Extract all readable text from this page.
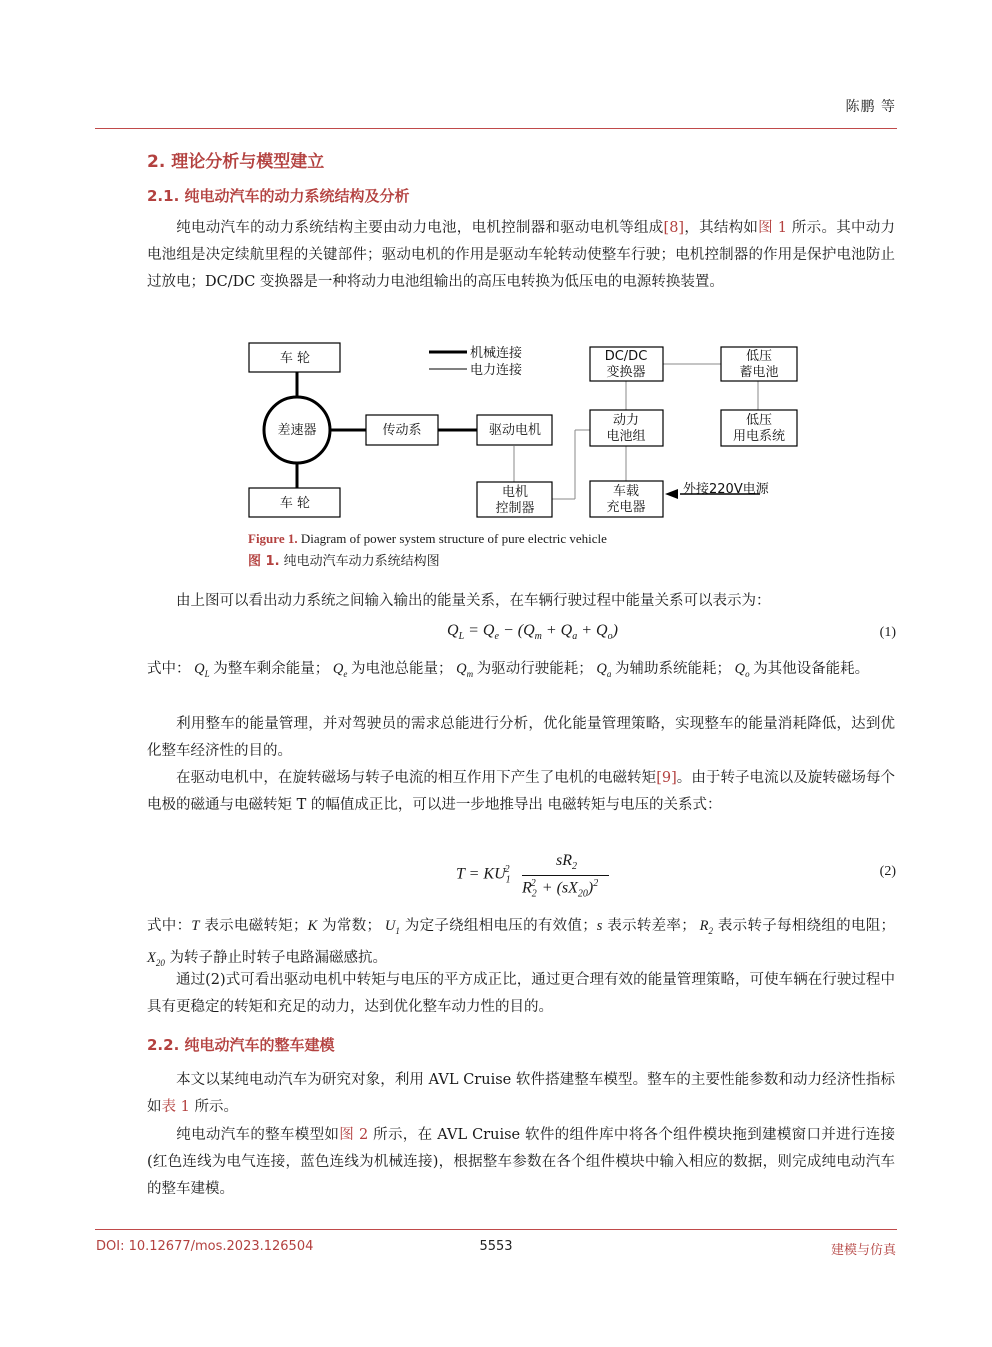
陈鹏 等
2. 理论分析与模型建立
2.1. 纯电动汽车的动力系统结构及分析
纯电动汽车的动力系统结构主要由动力电池，电机控制器和驱动电机等组成[8]，其结构如图 1 所示。其中动力电池组是决定续航里程的关键部件；驱动电机的作用是驱动车轮转动使整车行驶；电机控制器的作用是保护电池防止过放电；DC/DC 变换器是一种将动力电池组输出的高压电转换为低压电的电源转换装置。
车 轮
差速器	传动系	驱动电机
车 轮
电机
控制器
DC/DC
变换器
低压
蓄电池
动力
电池组
低压
用电系统
车载
充电器
机械连接
电力连接
外接220V电源
Figure 1. Diagram of power system structure of pure electric vehicle
图 1. 纯电动汽车动力系统结构图
由上图可以看出动力系统之间输入输出的能量关系，在车辆行驶过程中能量关系可以表示为：
$Q_L = Q_e - (Q_m + Q_a + Q_o)$	(1)
式中： $Q_L$ 为整车剩余能量； $Q_e$ 为电池总能量； $Q_m$ 为驱动行驶能耗； $Q_a$ 为辅助系统能耗； $Q_o$ 为其他设备能耗。
利用整车的能量管理，并对驾驶员的需求总能进行分析，优化能量管理策略，实现整车的能量消耗降低，达到优化整车经济性的目的。
在驱动电机中，在旋转磁场与转子电流的相互作用下产生了电机的电磁转矩[9]。由于转子电流以及旋转磁场每个电极的磁通与电磁转矩 T 的幅值成正比，可以进一步地推导出 电磁转矩与电压的关系式：
$T = KU_1^2$
$sR_2$
$R_2^2 + (sX_{20})^2$
(2)
式中：T 表示电磁转矩；K 为常数； $U_1$ 为定子绕组相电压的有效值；s 表示转差率； $R_2$ 表示转子每相绕组的电阻； $X_{20}$ 为转子静止时转子电路漏磁感抗。
通过(2)式可看出驱动电机中转矩与电压的平方成正比，通过更合理有效的能量管理策略，可使车辆在行驶过程中具有更稳定的转矩和充足的动力，达到优化整车动力性的目的。
2.2. 纯电动汽车的整车建模
本文以某纯电动汽车为研究对象，利用 AVL Cruise 软件搭建整车模型。整车的主要性能参数和动力经济性指标如表 1 所示。
纯电动汽车的整车模型如图 2 所示，在 AVL Cruise 软件的组件库中将各个组件模块拖到建模窗口并进行连接(红色连线为电气连接，蓝色连线为机械连接)，根据整车参数在各个组件模块中输入相应的数据，则完成纯电动汽车的整车建模。
DOI: 10.12677/mos.2023.126504	5553	建模与仿真
